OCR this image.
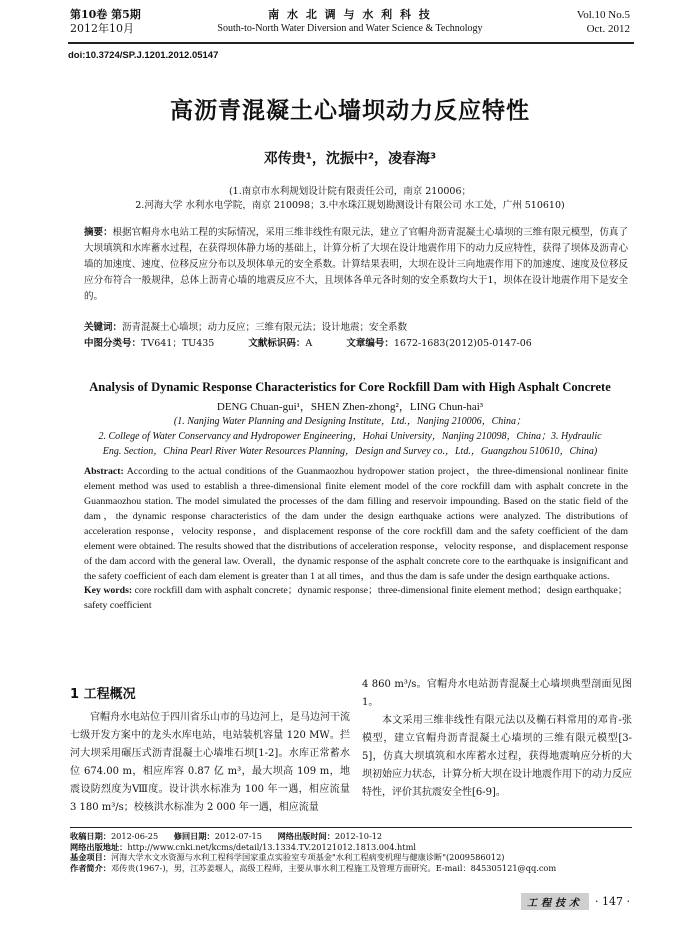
第10卷 第5期
2012年10月
南 水 北 调 与 水 利 科 技
South-to-North Water Diversion and Water Science & Technology
Vol.10 No.5
Oct. 2012
doi:10.3724/SP.J.1201.2012.05147
高沥青混凝土心墙坝动力反应特性
邓传贵¹，沈振中²，凌春海³
(1.南京市水利规划设计院有限责任公司，南京 210006；
2.河海大学 水利水电学院，南京 210098；3.中水珠江规划勘测设计有限公司 水工处，广州 510610)
摘要：根据官帽舟水电站工程的实际情况，采用三维非线性有限元法，建立了官帽舟沥青混凝土心墙坝的三维有限元模型，仿真了大坝填筑和水库蓄水过程，在获得坝体静力场的基础上，计算分析了大坝在设计地震作用下的动力反应特性，获得了坝体及沥青心墙的加速度、速度、位移反应分布以及坝体单元的安全系数。计算结果表明，大坝在设计三向地震作用下的加速度、速度及位移反应分布符合一般规律，总体上沥青心墙的地震反应不大，且坝体各单元各时刻的安全系数均大于1，坝体在设计地震作用下是安全的。
关键词：沥青混凝土心墙坝；动力反应；三维有限元法；设计地震；安全系数
中图分类号：TV641；TU435	文献标识码：A	文章编号：1672-1683(2012)05-0147-06
Analysis of Dynamic Response Characteristics for Core Rockfill Dam with High Asphalt Concrete
DENG Chuan-gui¹，SHEN Zhen-zhong²，LING Chun-hai³
(1. Nanjing Water Planning and Designing Institute，Ltd.，Nanjing 210006，China；
2. College of Water Conservancy and Hydropower Engineering，Hohai University，Nanjing 210098，China；3. Hydraulic
Eng. Section，China Pearl River Water Resources Planning，Design and Survey co.，Ltd.，Guangzhou 510610，China)
Abstract: According to the actual conditions of the Guanmaozhou hydropower station project，the three-dimensional nonlinear finite element method was used to establish a three-dimensional finite element model of the core rockfill dam with asphalt concrete in the Guanmaozhou station. The model simulated the processes of the dam filling and reservoir impounding. Based on the static field of the dam，the dynamic response characteristics of the dam under the design earthquake actions were analyzed. The distributions of acceleration response，velocity response，and displacement response of the core rockfill dam and the safety coefficient of the dam element were obtained. The results showed that the distributions of acceleration response，velocity response，and displacement response of the dam accord with the general law. Overall，the dynamic response of the asphalt concrete core to the earthquake is insignificant and the safety coefficient of each dam element is greater than 1 at all times，and thus the dam is safe under the design earthquake actions.
Key words: core rockfill dam with asphalt concrete；dynamic response；three-dimensional finite element method；design earthquake；safety coefficient
1 工程概况

官帽舟水电站位于四川省乐山市的马边河上，是马边河干流七级开发方案中的龙头水库电站，电站装机容量 120 MW。拦河大坝采用碾压式沥青混凝土心墙堆石坝[1-2]。水库正常蓄水位 674.00 m，相应库容 0.87 亿 m³，最大坝高 109 m，地震设防烈度为Ⅷ度。设计洪水标准为 100 年一遇，相应流量 3 180 m³/s；校核洪水标准为 2 000 年一遇，相应流量

4 860 m³/s。官帽舟水电站沥青混凝土心墙坝典型剖面见图 1。

本文采用三维非线性有限元法以及椭石料常用的邓肯-张模型，建立官帽舟沥青混凝土心墙坝的三维有限元模型[3-5]，仿真大坝填筑和水库蓄水过程，获得地震响应分析的大坝初始应力状态，计算分析大坝在设计地震作用下的动力反应特性，评价其抗震安全性[6-9]。

收稿日期：2012-06-25 修回日期：2012-07-15 网络出版时间：2012-10-12
网络出版地址：http://www.cnki.net/kcms/detail/13.1334.TV.20121012.1813.004.html
基金项目：河海大学水文水资源与水利工程科学国家重点实验室专项基金"水利工程病变机理与健康诊断"(2009586012)
作者简介：邓传贵(1967-)，男，江苏姜堰人，高级工程师，主要从事水利工程施工及管理方面研究。E-mail：845305121@qq.com
工程技术	· 147 ·
